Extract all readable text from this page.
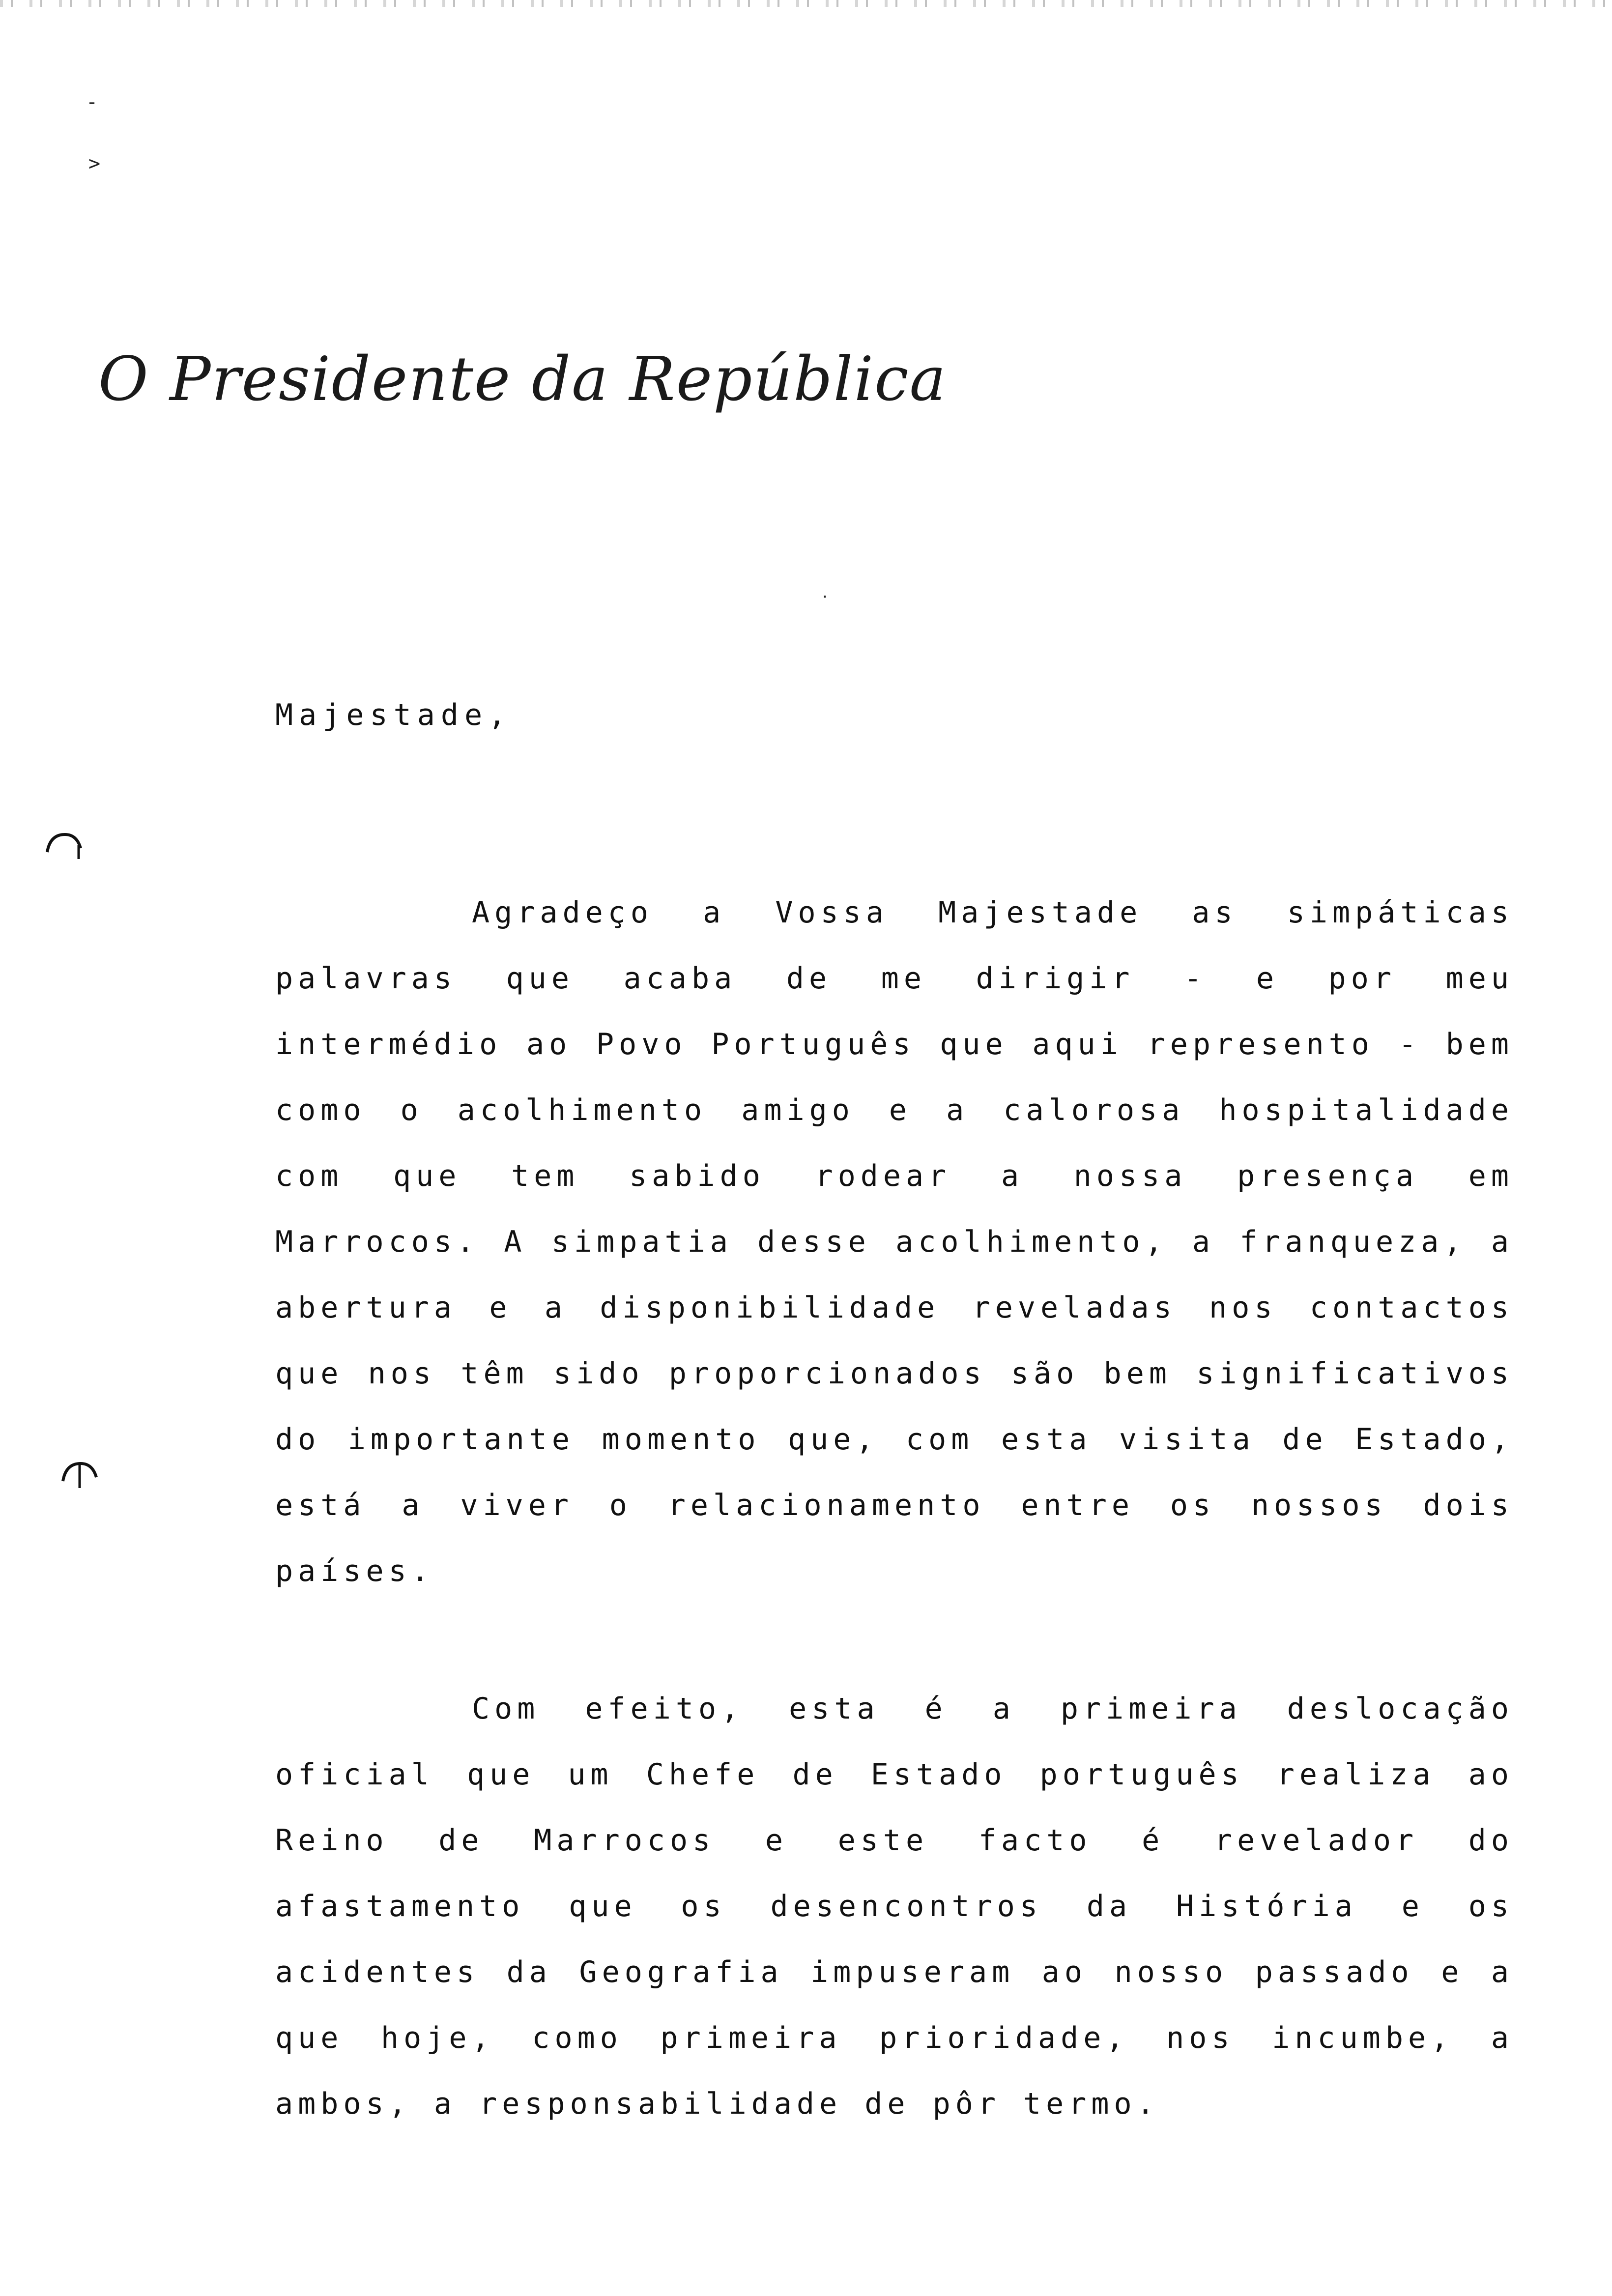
-
>
.
O Presidente da República
Majestade,

Agradeço a Vossa Majestade as simpáticas palavras que acaba de me dirigir - e por meu intermédio ao Povo Português que aqui represento - bem como o acolhimento amigo e a calorosa hospitalidade com que tem sabido rodear a nossa presença em Marrocos. A simpatia desse acolhimento, a franqueza, a abertura e a disponibilidade reveladas nos contactos que nos têm sido proporcionados são bem significativos do importante momento que, com esta visita de Estado, está a viver o relacionamento entre os nossos dois países.

Com efeito, esta é a primeira deslocação oficial que um Chefe de Estado português realiza ao Reino de Marrocos e este facto é revelador do afastamento que os desencontros da História e os acidentes da Geografia impuseram ao nosso passado e a que hoje, como primeira prioridade, nos incumbe, a ambos, a responsabilidade de pôr termo.
